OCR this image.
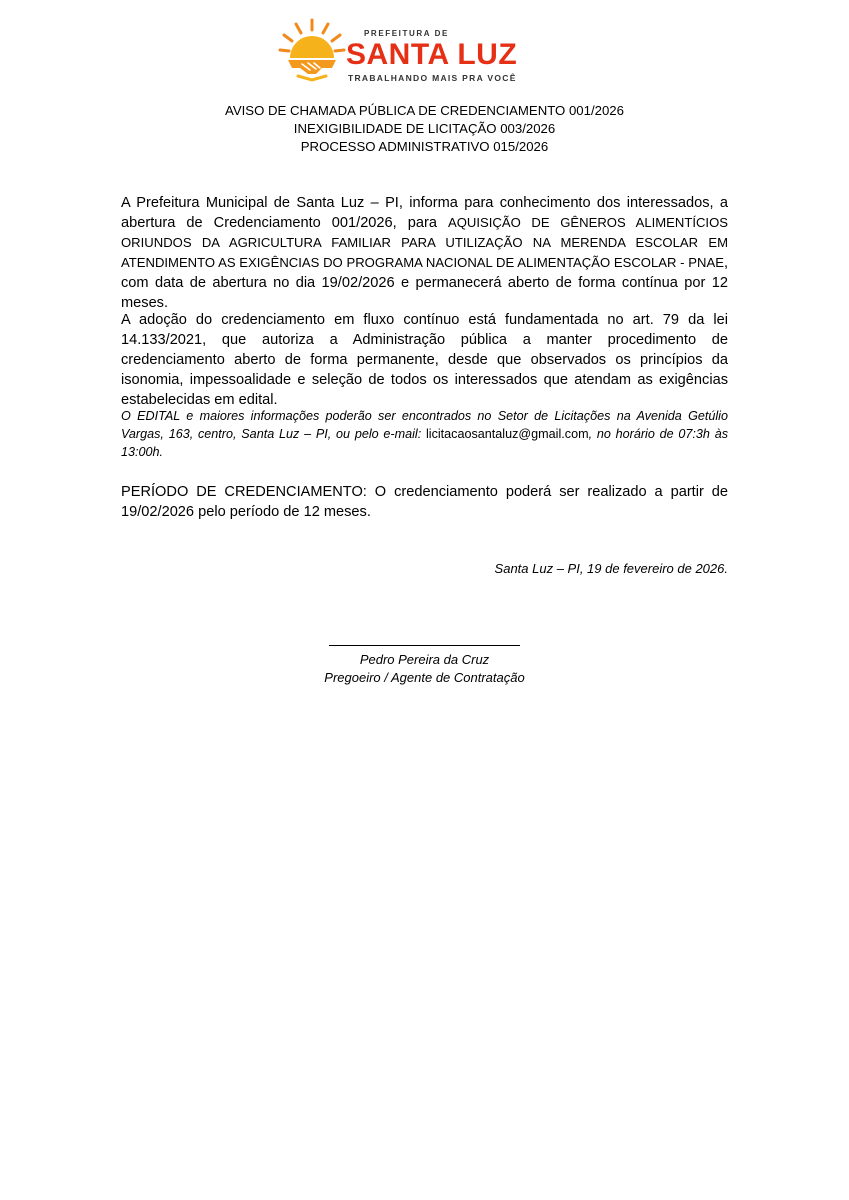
PREFEITURA DE
SANTA LUZ
TRABALHANDO MAIS PRA VOCÊ
AVISO DE CHAMADA PÚBLICA DE CREDENCIAMENTO 001/2026
INEXIGIBILIDADE DE LICITAÇÃO 003/2026
PROCESSO ADMINISTRATIVO 015/2026
A Prefeitura Municipal de Santa Luz – PI, informa para conhecimento dos interessados, a abertura de Credenciamento 001/2026, para AQUISIÇÃO DE GÊNEROS ALIMENTÍCIOS ORIUNDOS DA AGRICULTURA FAMILIAR PARA UTILIZAÇÃO NA MERENDA ESCOLAR EM ATENDIMENTO AS EXIGÊNCIAS DO PROGRAMA NACIONAL DE ALIMENTAÇÃO ESCOLAR - PNAE, com data de abertura no dia 19/02/2026 e permanecerá aberto de forma contínua por 12 meses.
A adoção do credenciamento em fluxo contínuo está fundamentada no art. 79 da lei 14.133/2021, que autoriza a Administração pública a manter procedimento de credenciamento aberto de forma permanente, desde que observados os princípios da isonomia, impessoalidade e seleção de todos os interessados que atendam as exigências estabelecidas em edital.
O EDITAL e maiores informações poderão ser encontrados no Setor de Licitações na Avenida Getúlio Vargas, 163, centro, Santa Luz – PI, ou pelo e-mail: licitacaosantaluz@gmail.com, no horário de 07:3h às 13:00h.
PERÍODO DE CREDENCIAMENTO: O credenciamento poderá ser realizado a partir de 19/02/2026 pelo período de 12 meses.
Santa Luz – PI, 19 de fevereiro de 2026.
Pedro Pereira da Cruz
Pregoeiro / Agente de Contratação
